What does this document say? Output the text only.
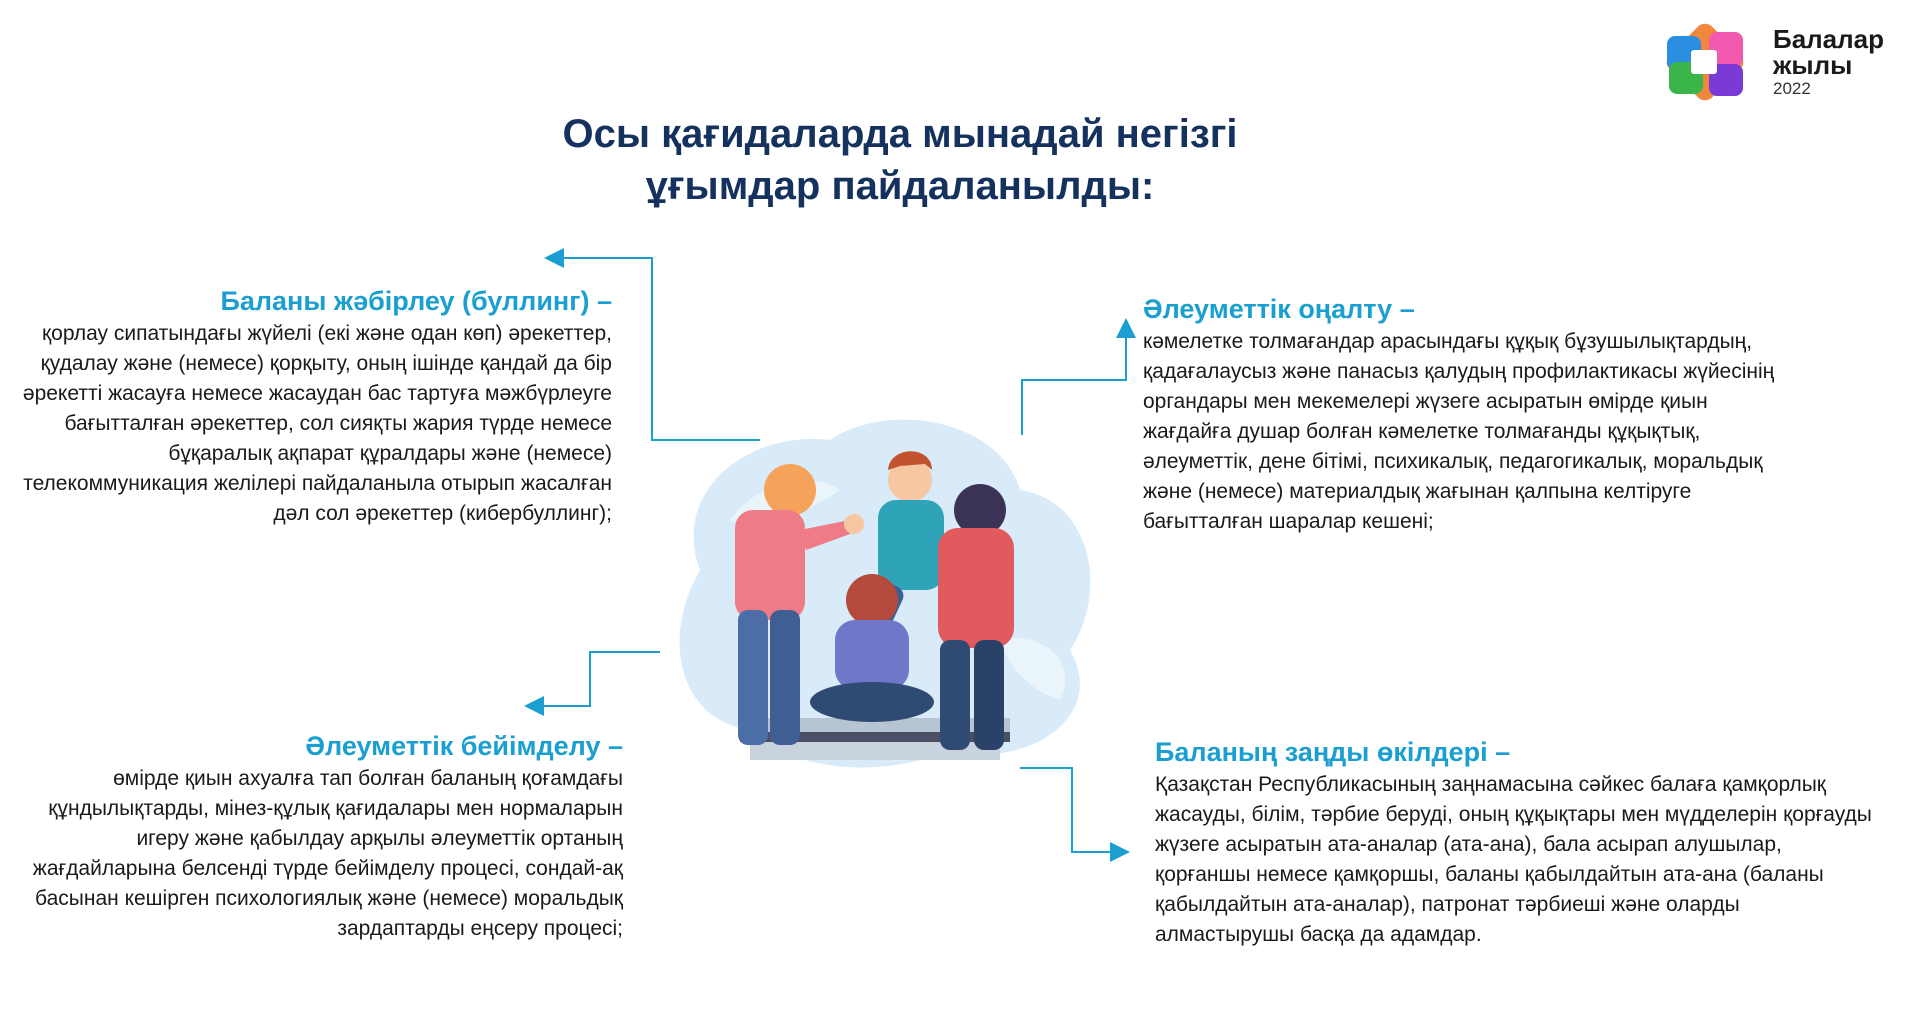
Осы қағидаларда мынадай негізгі
ұғымдар пайдаланылды:
Балалар
жылы
2022
Баланы жәбірлеу (буллинг) –
қорлау сипатындағы жүйелі (екі және одан көп) әрекеттер, қудалау және (немесе) қорқыту, оның ішінде қандай да бір әрекетті жасауға немесе жасаудан бас тартуға мәжбүрлеуге бағытталған әрекеттер, сол сияқты жария түрде немесе бұқаралық ақпарат құралдары және (немесе) телекоммуникация желілері пайдаланыла отырып жасалған дәл сол әрекеттер (кибербуллинг);
Әлеуметтік оңалту –
кәмелетке толмағандар арасындағы құқық бұзушылықтардың, қадағалаусыз және панасыз қалудың профилактикасы жүйесінің органдары мен мекемелері жүзеге асыратын өмірде қиын жағдайға душар болған кәмелетке толмағанды құқықтық, әлеуметтік, дене бітімі, психикалық, педагогикалық, моральдық және (немесе) материалдық жағынан қалпына келтіруге бағытталған шаралар кешені;
Әлеуметтік бейімделу –
өмірде қиын ахуалға тап болған баланың қоғамдағы құндылықтарды, мінез-құлық қағидалары мен нормаларын игеру және қабылдау арқылы әлеуметтік ортаның жағдайларына белсенді түрде бейімделу процесі, сондай-ақ басынан кешірген психологиялық және (немесе) моральдық зардаптарды еңсеру процесі;
Баланың заңды өкілдері –
Қазақстан Республикасының заңнамасына сәйкес балаға қамқорлық жасауды, білім, тәрбие беруді, оның құқықтары мен мүдделерін қорғауды жүзеге асыратын ата-аналар (ата-ана), бала асырап алушылар, қорғаншы немесе қамқоршы, баланы қабылдайтын ата-ана (баланы қабылдайтын ата-аналар), патронат тәрбиеші және оларды алмастырушы басқа да адамдар.
